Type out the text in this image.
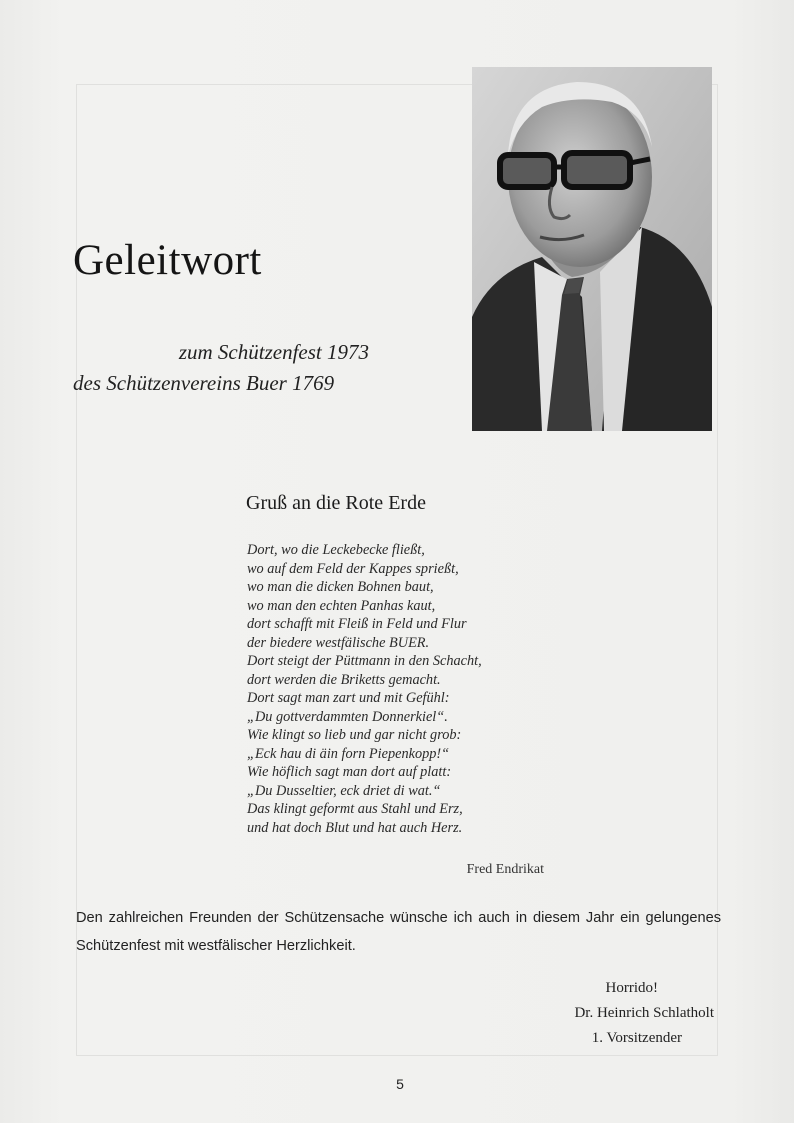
Geleitwort
zum Schützenfest 1973
des Schützenvereins Buer 1769
Gruß an die Rote Erde
Dort, wo die Leckebecke fließt,
wo auf dem Feld der Kappes sprießt,
wo man die dicken Bohnen baut,
wo man den echten Panhas kaut,
dort schafft mit Fleiß in Feld und Flur
der biedere westfälische BUER.
Dort steigt der Püttmann in den Schacht,
dort werden die Briketts gemacht.
Dort sagt man zart und mit Gefühl:
„Du gottverdammten Donnerkiel“.
Wie klingt so lieb und gar nicht grob:
„Eck hau di äin forn Piepenkopp!“
Wie höflich sagt man dort auf platt:
„Du Dusseltier, eck driet di wat.“
Das klingt geformt aus Stahl und Erz,
und hat doch Blut und hat auch Herz.
Fred Endrikat

Den zahlreichen Freunden der Schützensache wünsche ich auch in diesem Jahr ein gelungenes Schützenfest mit westfälischer Herzlichkeit.

Horrido!
Dr. Heinrich Schlatholt
1. Vorsitzender
5
